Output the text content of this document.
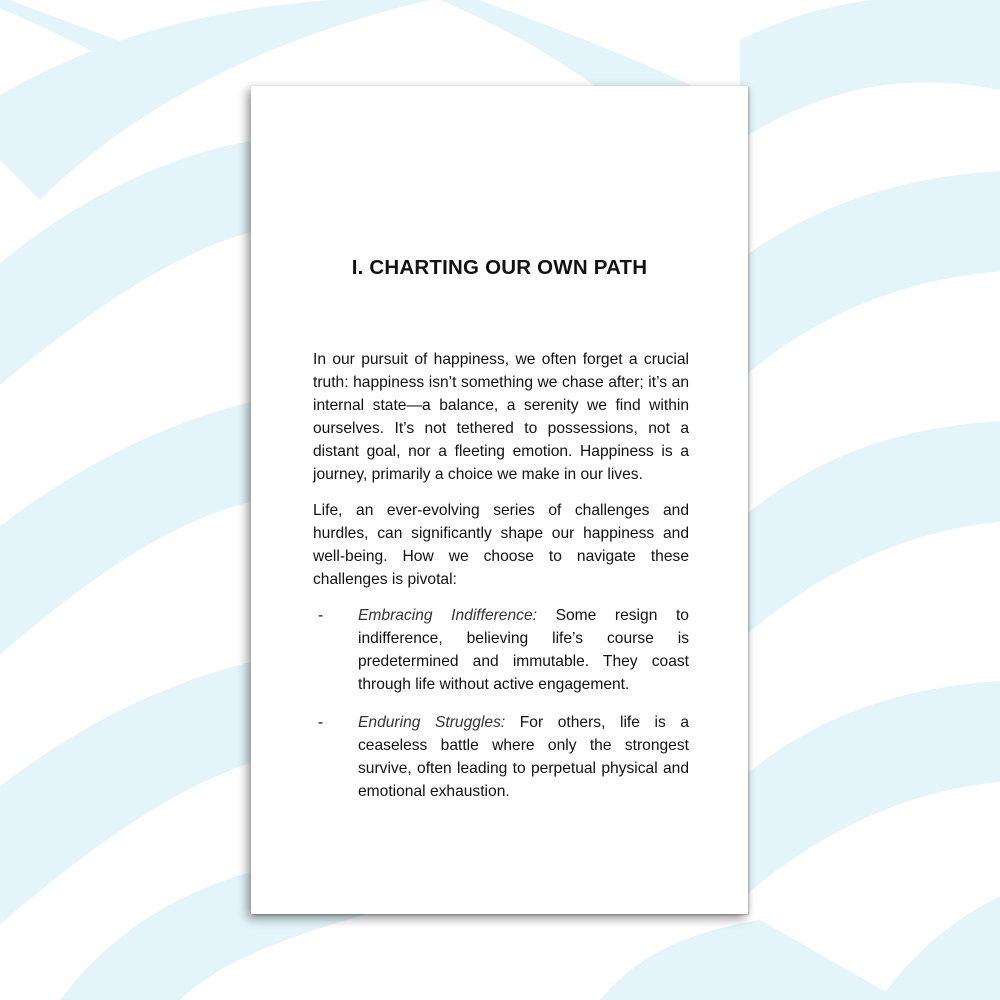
I. CHARTING OUR OWN PATH

In our pursuit of happiness, we often forget a crucial truth: happiness isn’t something we chase after; it’s an internal state—a balance, a serenity we find within ourselves. It’s not tethered to possessions, not a distant goal, nor a fleeting emotion. Happiness is a journey, primarily a choice we make in our lives.

Life, an ever-evolving series of challenges and hurdles, can significantly shape our happiness and well-being. How we choose to navigate these challenges is pivotal:

- Embracing Indifference: Some resign to indifference, believing life’s course is predetermined and immutable. They coast through life without active engagement.
- Enduring Struggles: For others, life is a ceaseless battle where only the strongest survive, often leading to perpetual physical and emotional exhaustion.
